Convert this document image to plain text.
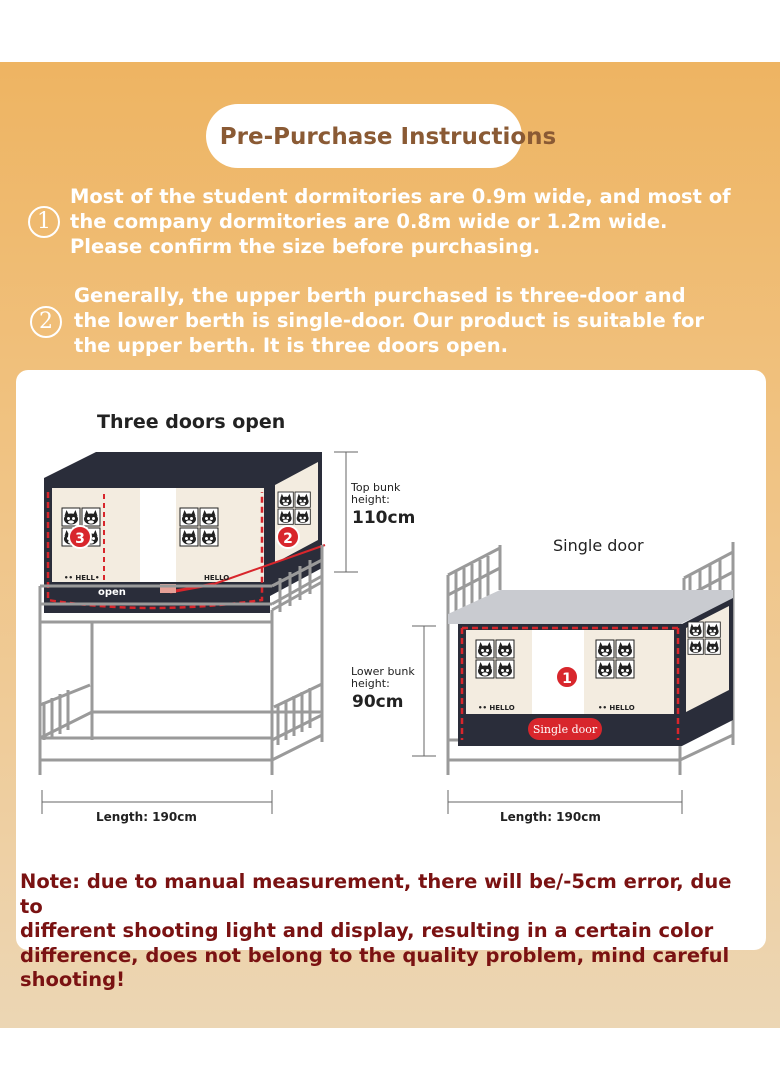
Pre-Purchase Instructions
1

Most of the student dormitories are 0.9m wide, and most of
the company dormitories are 0.8m wide or 1.2m wide.
Please confirm the size before purchasing.

2

Generally, the upper berth purchased is three-door and
the lower berth is single-door. Our product is suitable for
the upper berth. It is three doors open.

3	2
•• HELL•	HELLO
open
1
Single door
•• HELLO	•• HELLO
Three doors open
Top bunk
height:
110cm
Length: 190cm
Single door
Lower bunk
height:
90cm
Length: 190cm

Note: due to manual measurement, there will be/-5cm error, due to
different shooting light and display, resulting in a certain color
difference, does not belong to the quality problem, mind careful
shooting!
